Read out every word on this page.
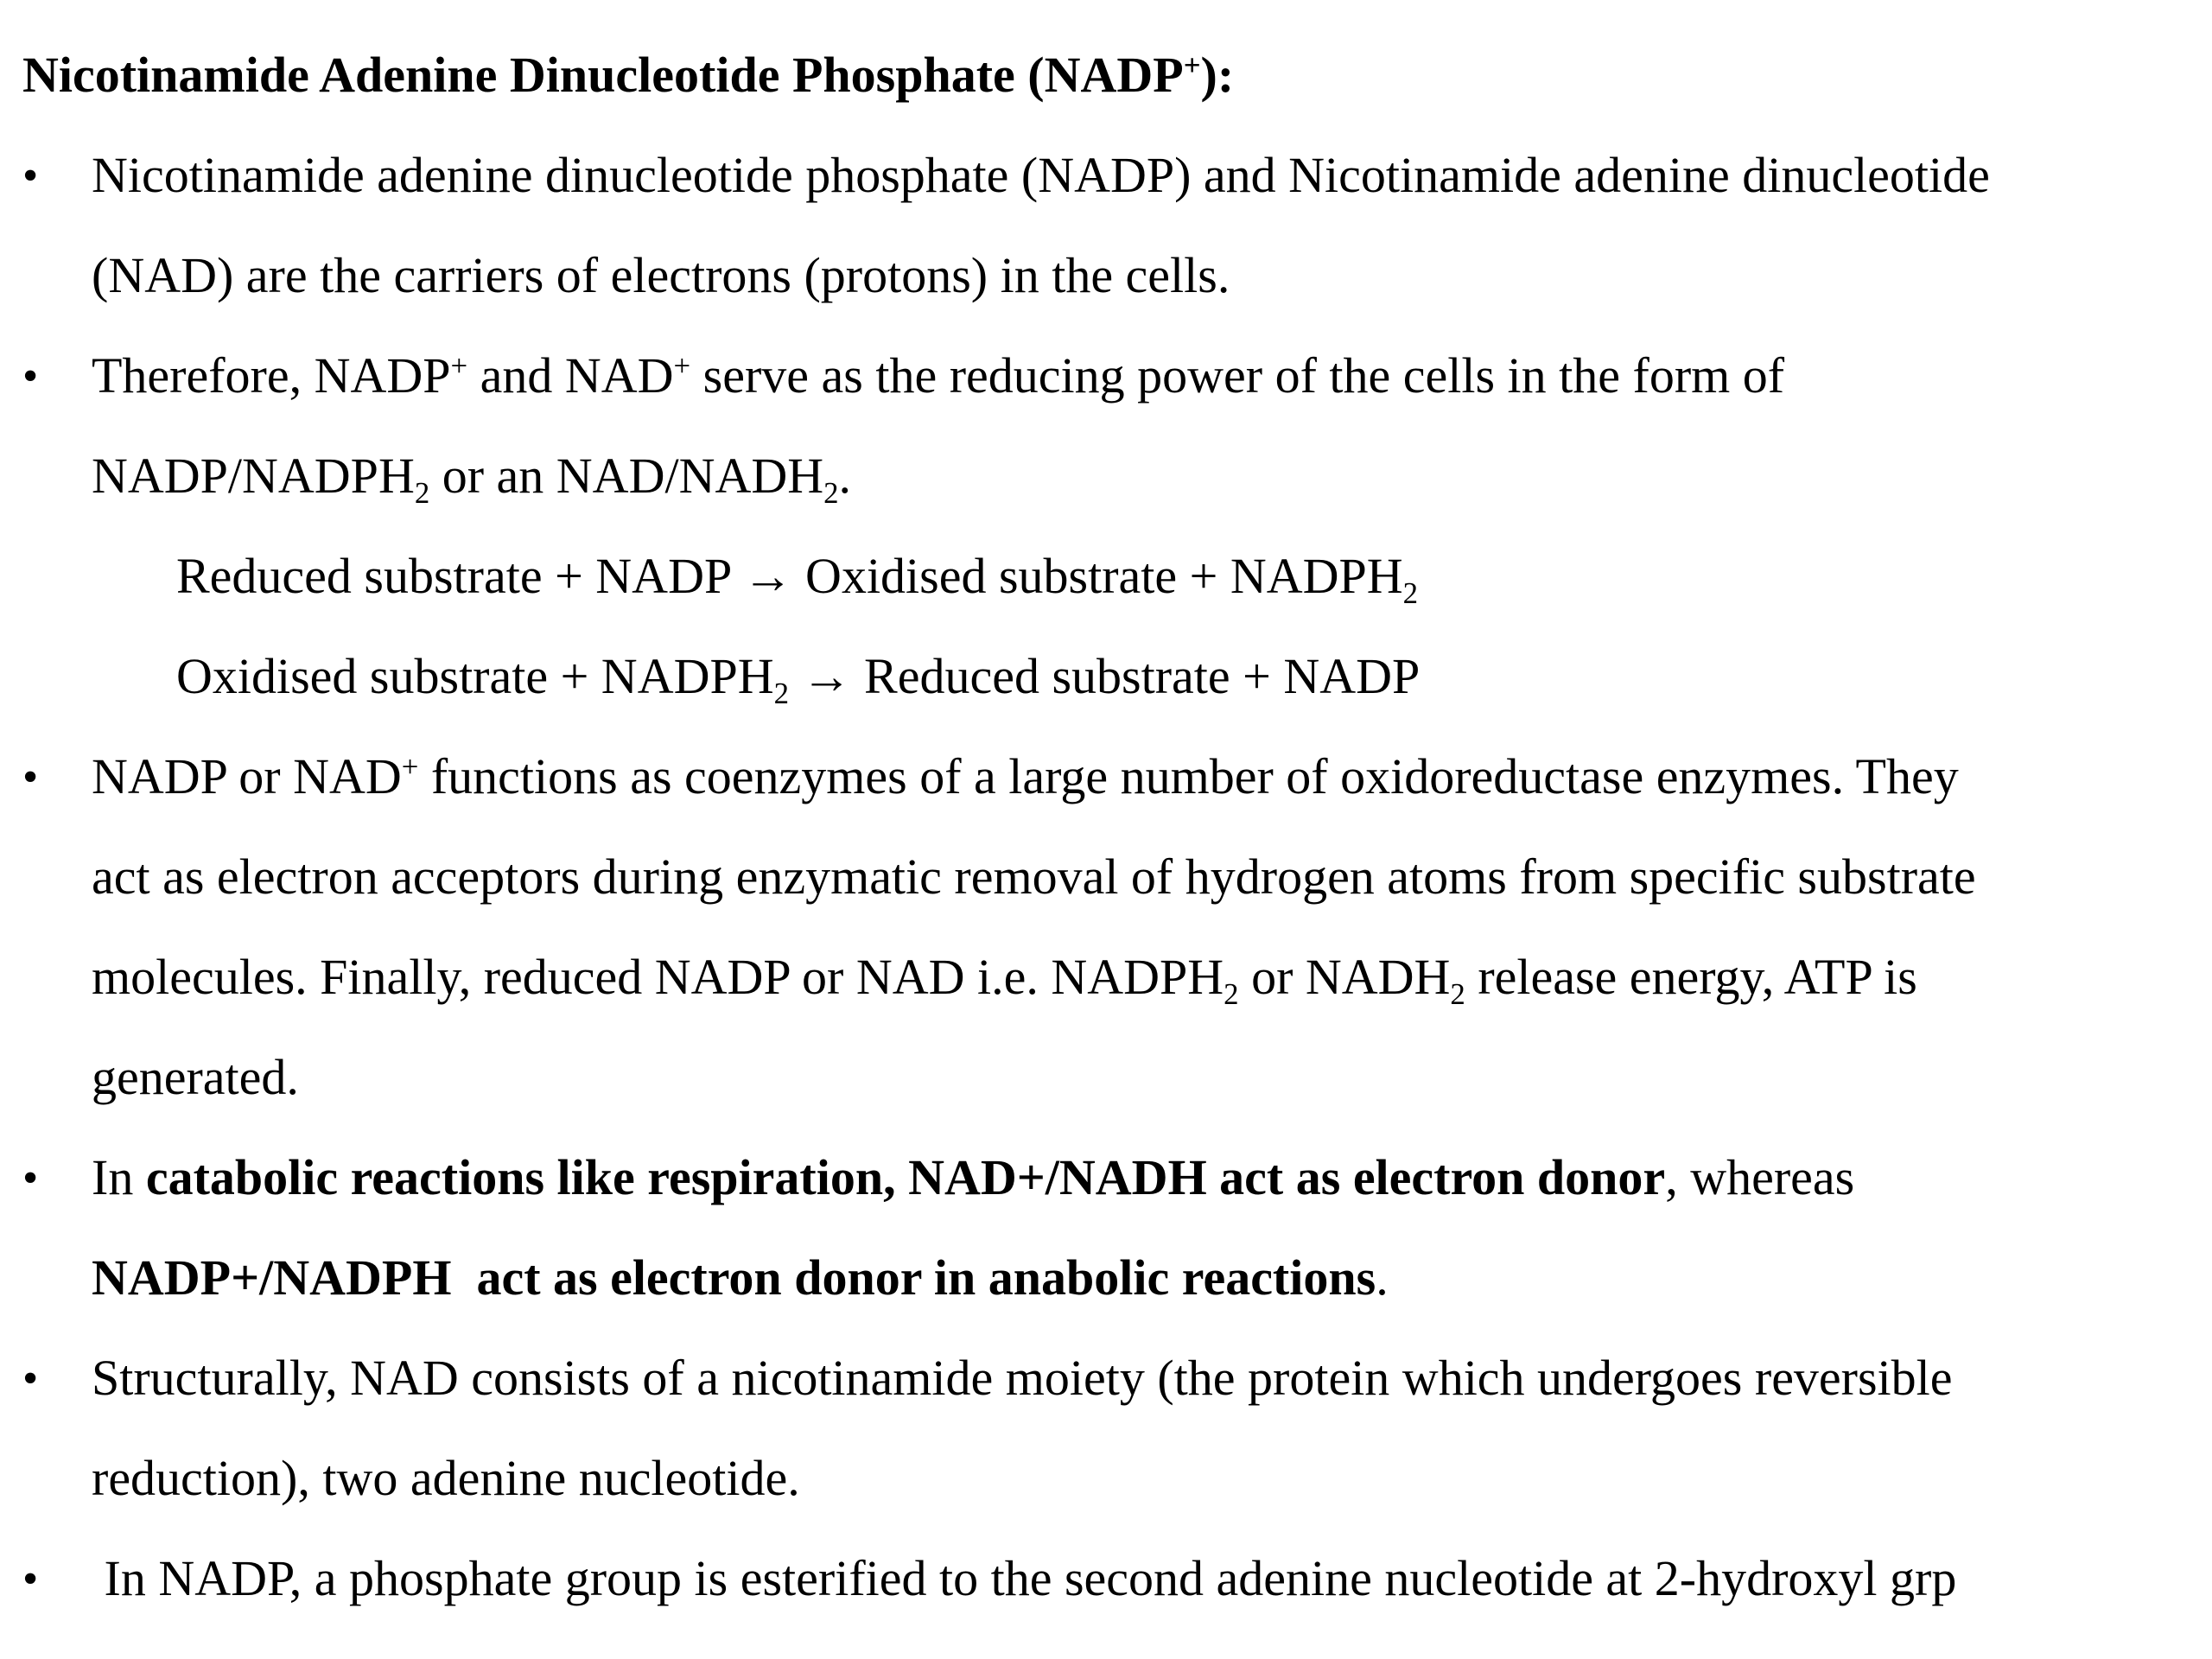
Nicotinamide Adenine Dinucleotide Phosphate (NADP+):
• Nicotinamide adenine dinucleotide phosphate (NADP) and Nicotinamide adenine dinucleotide
(NAD) are the carriers of electrons (protons) in the cells.
• Therefore, NADP+ and NAD+ serve as the reducing power of the cells in the form of
NADP/$NADPH_2$ or an NAD/$NADH_2$.
Reduced substrate + NADP → Oxidised substrate + $NADPH_2$
Oxidised substrate + $NADPH_2$ → Reduced substrate + NADP
• NADP or NAD+ functions as coenzymes of a large number of oxidoreductase enzymes. They
act as electron acceptors during enzymatic removal of hydrogen atoms from specific substrate
molecules. Finally, reduced NADP or NAD i.e. $NADPH_2$ or $NADH_2$ release energy, ATP is
generated.
• In catabolic reactions like respiration, NAD+/NADH act as electron donor, whereas
NADP+/NADPH  act as electron donor in anabolic reactions.
• Structurally, NAD consists of a nicotinamide moiety (the protein which undergoes reversible
reduction), two adenine nucleotide.
• In NADP, a phosphate group is esterified to the second adenine nucleotide at 2-hydroxyl grp
